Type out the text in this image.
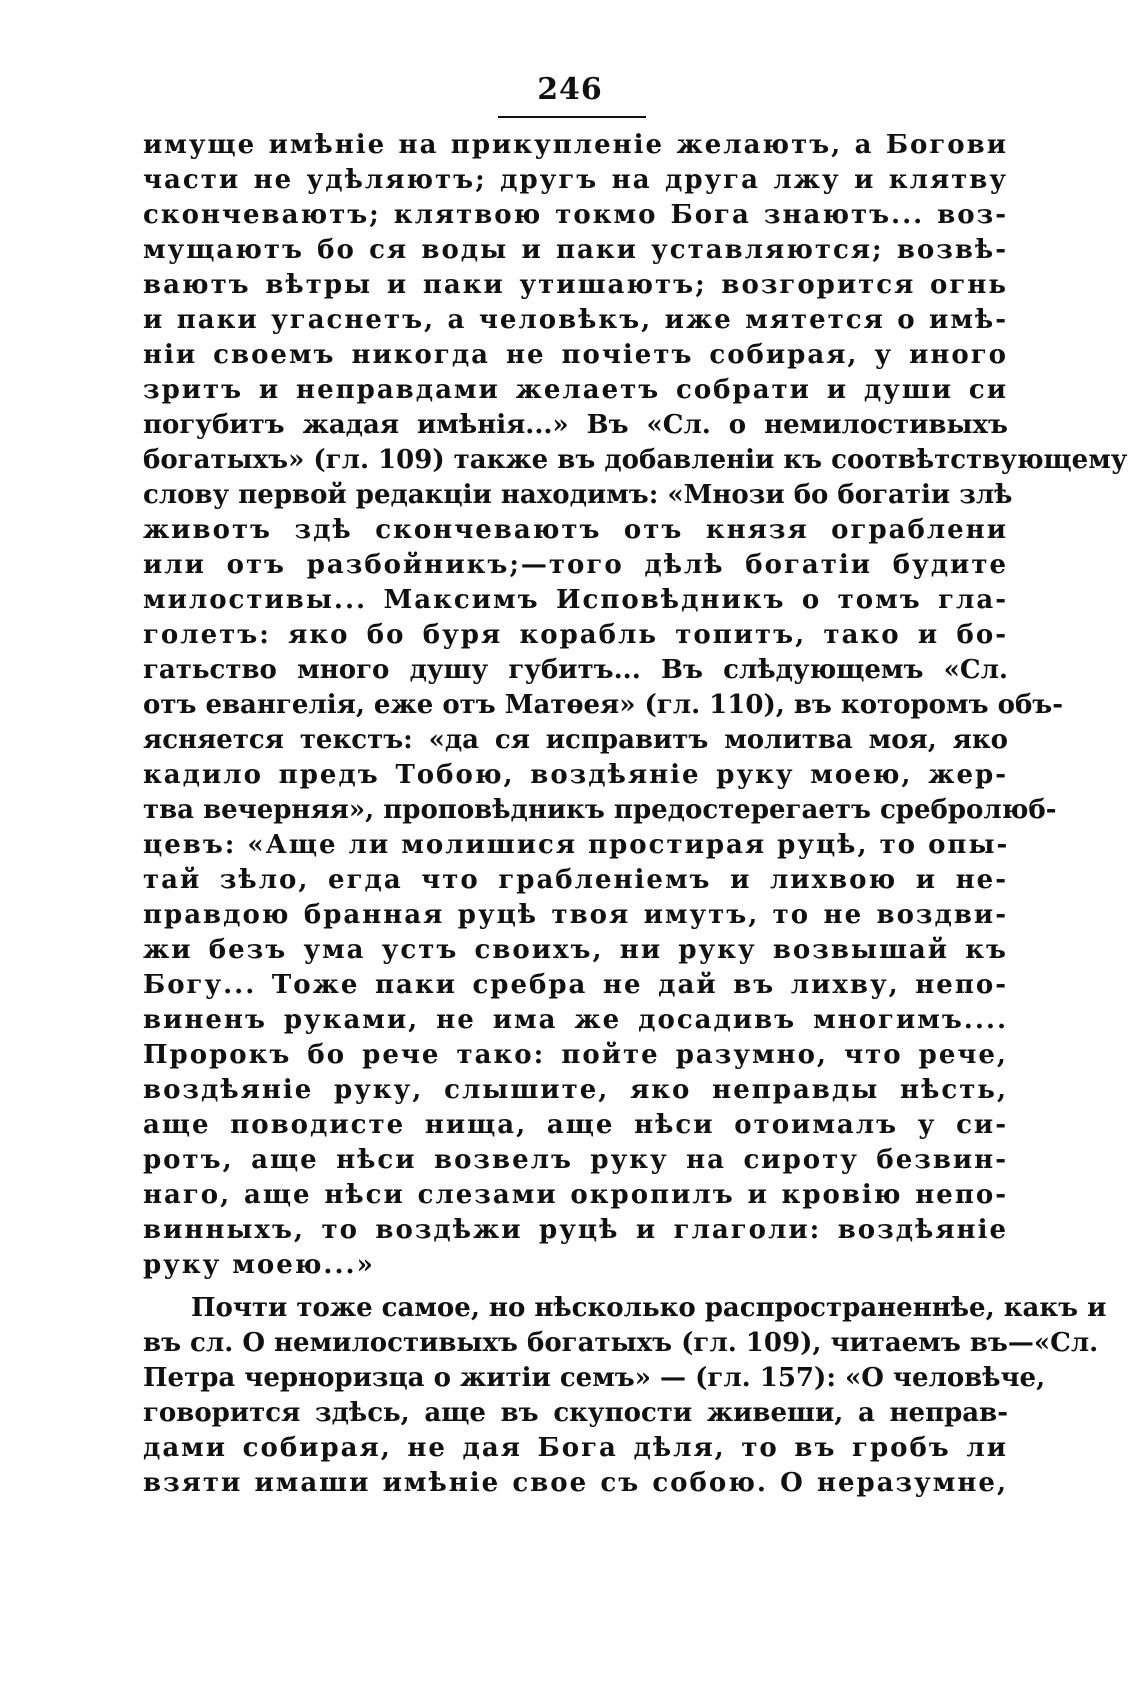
246
имуще имѣніе на прикупленіе желаютъ, а Богови
части не удѣляютъ; другъ на друга лжу и клятву
скончеваютъ; клятвою токмо Бога знаютъ... воз-
мущаютъ бо ся воды и паки уставляются; возвѣ-
ваютъ вѣтры и паки утишаютъ; возгорится огнь
и паки угаснетъ, а человѣкъ, иже мятется о имѣ-
ніи своемъ никогда не почіетъ собирая, у иного
зритъ и неправдами желаетъ собрати и души си
погубитъ жадая имѣнія...» Въ «Сл. о немилостивыхъ
богатыхъ» (гл. 109) также въ добавленіи къ соотвѣтствующему
слову первой редакціи находимъ: «Мнози бо богатіи злѣ
животъ здѣ скончеваютъ отъ князя ограблени
или отъ разбойникъ;—того дѣлѣ богатіи будите
милостивы... Максимъ Исповѣдникъ о томъ гла-
голетъ: яко бо буря корабль топитъ, тако и бо-
гатьство много душу губитъ... Въ слѣдующемъ «Сл.
отъ евангелія, еже отъ Матѳея» (гл. 110), въ которомъ объ-
ясняется текстъ: «да ся исправитъ молитва моя, яко
кадило предъ Тобою, воздѣяніе руку моею, жер-
тва вечерняя», проповѣдникъ предостерегаетъ сребролюб-
цевъ: «Аще ли молишися простирая руцѣ, то опы-
тай зѣло, егда что грабленіемъ и лихвою и не-
правдою бранная руцѣ твоя имутъ, то не воздви-
жи безъ ума устъ своихъ, ни руку возвышай къ
Богу... Тоже паки сребра не дай въ лихву, непо-
виненъ руками, не има же досадивъ многимъ....
Пророкъ бо рече тако: пойте разумно, что рече,
воздѣяніе руку, слышите, яко неправды нѣсть,
аще поводисте нища, аще нѣси отоималъ у си-
ротъ, аще нѣси возвелъ руку на сироту безвин-
наго, аще нѣси слезами окропилъ и кровію непо-
винныхъ, то воздѣжи руцѣ и глаголи: воздѣяніе
руку моею...»
Почти тоже самое, но нѣсколько распространеннѣе, какъ и
въ сл. О немилостивыхъ богатыхъ (гл. 109), читаемъ въ—«Сл.
Петра черноризца о житіи семъ» — (гл. 157): «О человѣче,
говорится здѣсь, аще въ скупости живеши, а неправ-
дами собирая, не дая Бога дѣля, то въ гробъ ли
взяти имаши имѣніе свое съ собою. О неразумне,
